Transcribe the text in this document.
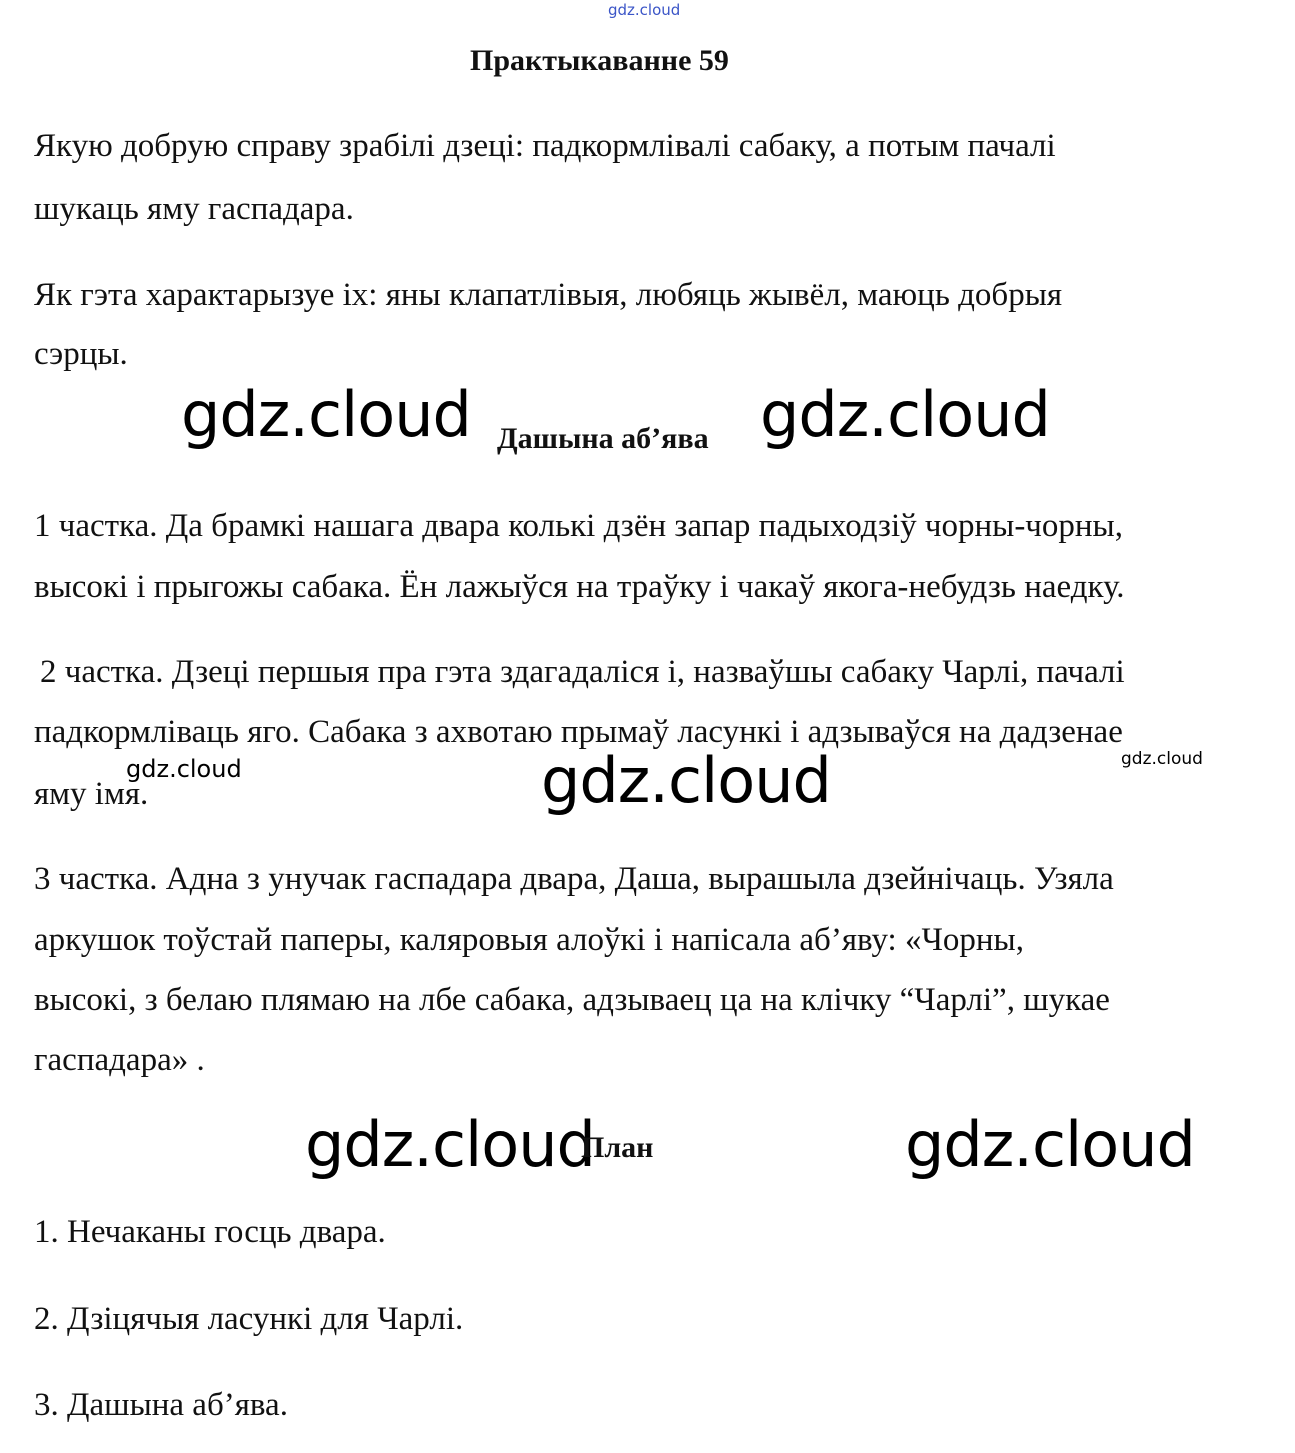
gdz.cloud
Практыкаванне 59
Якую добрую справу зрабілі дзеці: падкормлівалі сабаку, а потым пачалі
шукаць яму гаспадара.
Як гэта характарызуе іх: яны клапатлівыя, любяць жывёл, маюць добрыя
сэрцы.
gdz.cloud	gdz.cloud
Дашына аб’ява
1 частка. Да брамкі нашага двара колькі дзён запар падыходзіў чорны-чорны,
высокі і прыгожы сабака. Ён лажыўся на траўку і чакаў якога-небудзь наедку.
2 частка. Дзеці першыя пра гэта здагадаліся і, назваўшы сабаку Чарлі, пачалі
падкормліваць яго. Сабака з ахвотаю прымаў ласункі і адзываўся на дадзенае
яму імя.
gdz.cloud	gdz.cloud	gdz.cloud
3 частка. Адна з унучак гаспадара двара, Даша, вырашыла дзейнічаць. Узяла
аркушок тоўстай паперы, каляровыя алоўкі і напісала аб’яву: «Чорны,
высокі, з белаю плямаю на лбе сабака, адзываец ца на клічку “Чарлі”, шукае
гаспадара» .
gdz.cloud
План	gdz.cloud
1. Нечаканы госць двара.
2. Дзіцячыя ласункі для Чарлі.
3. Дашына аб’ява.
